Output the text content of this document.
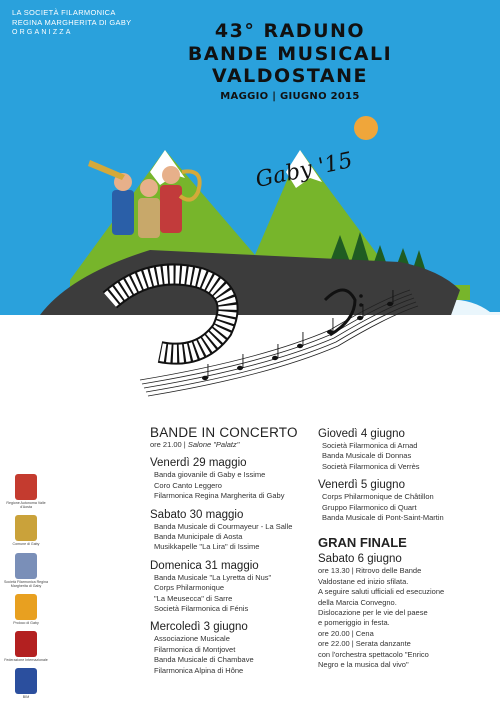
LA SOCIETÀ FILARMONICA
REGINA MARGHERITA DI GABY
ORGANIZZA	43° RADUNO
BANDE MUSICALI
VALDOSTANE
MAGGIO | GIUGNO 2015
Gaby '15
Regione Autonoma Valle d'Aosta
Comune di Gaby
Società Filarmonica Regina Margherita di Gaby
Proloco di Gaby
Federazione Internazionale
BIM
BANDE IN CONCERTO
ore 21.00 | Salone "Palatz"
Venerdì 29 maggio
Banda giovanile di Gaby e Issime
Coro Canto Leggero
Filarmonica Regina Margherita di Gaby
Sabato 30 maggio
Banda Musicale di Courmayeur - La Salle
Banda Municipale di Aosta
Musikkapelle "La Lira" di Issime
Domenica 31 maggio
Banda Musicale "La Lyretta di Nus"
Corps Philarmonique
"La Meusecca" di Sarre
Società Filarmonica di Fénis
Mercoledì 3 giugno
Associazione Musicale
Filarmonica di Montjovet
Banda Musicale di Chambave
Filarmonica Alpina di Hône
Giovedì 4 giugno
Società Filarmonica di Arnad
Banda Musicale di Donnas
Società Filarmonica di Verrès
Venerdì 5 giugno
Corps Philarmonique de Châtillon
Gruppo Filarmonico di Quart
Banda Musicale di Pont-Saint-Martin
GRAN FINALE
Sabato 6 giugno
ore 13.30 | Ritrovo delle Bande
Valdostane ed inizio sfilata.
A seguire saluti ufficiali ed esecuzione
della Marcia Convegno.
Dislocazione per le vie del paese
e pomeriggio in festa.
ore 20.00 | Cena
ore 22.00 | Serata danzante
con l'orchestra spettacolo "Enrico
Negro e la musica dal vivo"
